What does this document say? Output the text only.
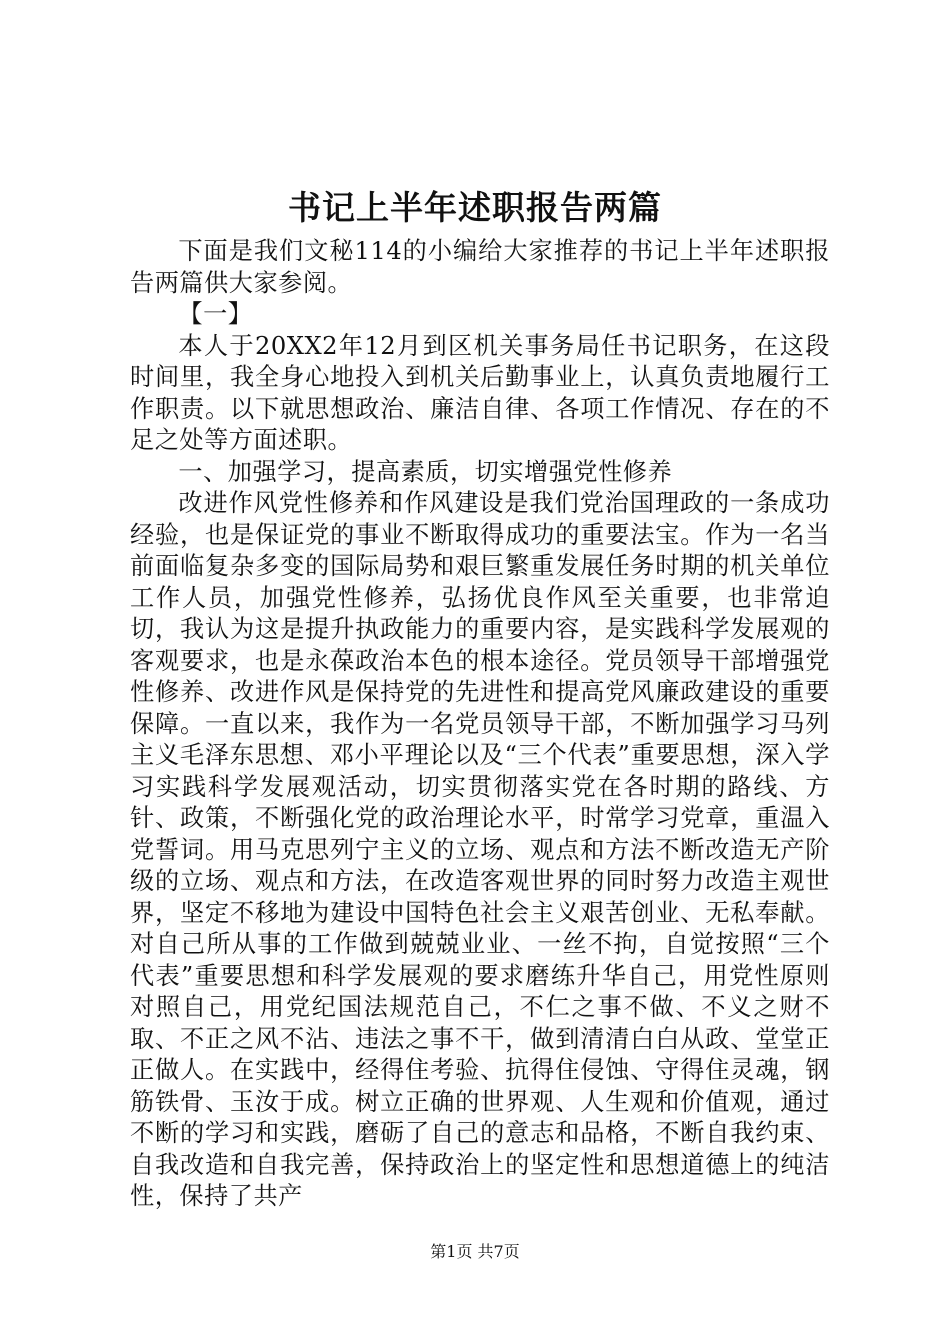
书记上半年述职报告两篇

下面是我们文秘114的小编给大家推荐的书记上半年述职报告两篇供大家参阅。

【一】

本人于20XX2年12月到区机关事务局任书记职务，在这段时间里，我全身心地投入到机关后勤事业上，认真负责地履行工作职责。以下就思想政治、廉洁自律、各项工作情况、存在的不足之处等方面述职。

一、加强学习，提高素质，切实增强党性修养

改进作风党性修养和作风建设是我们党治国理政的一条成功经验，也是保证党的事业不断取得成功的重要法宝。作为一名当前面临复杂多变的国际局势和艰巨繁重发展任务时期的机关单位工作人员，加强党性修养，弘扬优良作风至关重要，也非常迫切，我认为这是提升执政能力的重要内容，是实践科学发展观的客观要求，也是永葆政治本色的根本途径。党员领导干部增强党性修养、改进作风是保持党的先进性和提高党风廉政建设的重要保障。一直以来，我作为一名党员领导干部，不断加强学习马列主义毛泽东思想、邓小平理论以及“三个代表”重要思想，深入学习实践科学发展观活动，切实贯彻落实党在各时期的路线、方针、政策，不断强化党的政治理论水平，时常学习党章，重温入党誓词。用马克思列宁主义的立场、观点和方法不断改造无产阶级的立场、观点和方法，在改造客观世界的同时努力改造主观世界，坚定不移地为建设中国特色社会主义艰苦创业、无私奉献。对自己所从事的工作做到兢兢业业、一丝不拘，自觉按照“三个代表”重要思想和科学发展观的要求磨练升华自己，用党性原则对照自己，用党纪国法规范自己，不仁之事不做、不义之财不取、不正之风不沾、违法之事不干，做到清清白白从政、堂堂正正做人。在实践中，经得住考验、抗得住侵蚀、守得住灵魂，钢筋铁骨、玉汝于成。树立正确的世界观、人生观和价值观，通过不断的学习和实践，磨砺了自己的意志和品格，不断自我约束、自我改造和自我完善，保持政治上的坚定性和思想道德上的纯洁性，保持了共产

第1页 共7页
